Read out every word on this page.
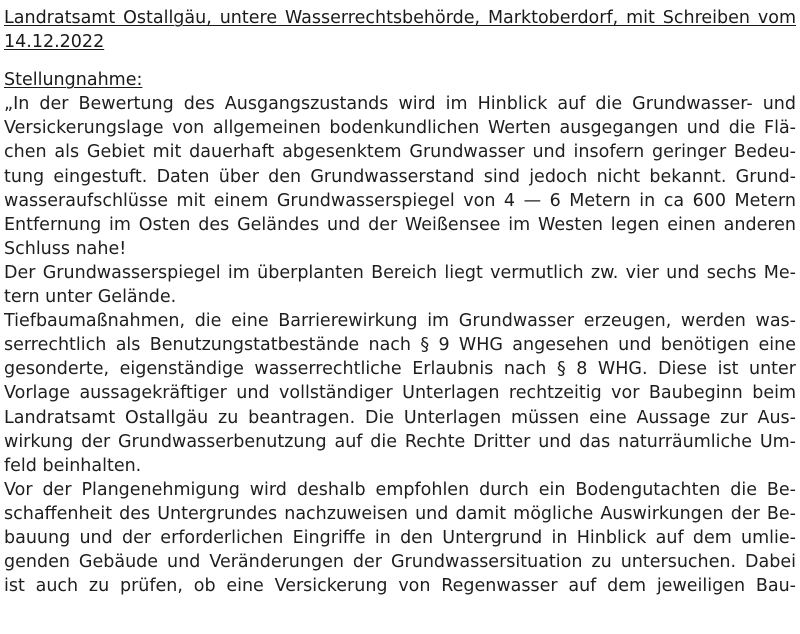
Landratsamt Ostallgäu, untere Wasserrechtsbehörde, Marktoberdorf, mit Schreiben vom
14.12.2022
Stellungnahme:
„In der Bewertung des Ausgangszustands wird im Hinblick auf die Grundwasser- und
Versickerungslage von allgemeinen bodenkundlichen Werten ausgegangen und die Flä-
chen als Gebiet mit dauerhaft abgesenktem Grundwasser und insofern geringer Bedeu-
tung eingestuft. Daten über den Grundwasserstand sind jedoch nicht bekannt. Grund-
wasseraufschlüsse mit einem Grundwasserspiegel von 4 — 6 Metern in ca 600 Metern
Entfernung im Osten des Geländes und der Weißensee im Westen legen einen anderen
Schluss nahe!
Der Grundwasserspiegel im überplanten Bereich liegt vermutlich zw. vier und sechs Me-
tern unter Gelände.
Tiefbaumaßnahmen, die eine Barrierewirkung im Grundwasser erzeugen, werden was-
serrechtlich als Benutzungstatbestände nach § 9 WHG angesehen und benötigen eine
gesonderte, eigenständige wasserrechtliche Erlaubnis nach § 8 WHG. Diese ist unter
Vorlage aussagekräftiger und vollständiger Unterlagen rechtzeitig vor Baubeginn beim
Landratsamt Ostallgäu zu beantragen. Die Unterlagen müssen eine Aussage zur Aus-
wirkung der Grundwasserbenutzung auf die Rechte Dritter und das naturräumliche Um-
feld beinhalten.
Vor der Plangenehmigung wird deshalb empfohlen durch ein Bodengutachten die Be-
schaffenheit des Untergrundes nachzuweisen und damit mögliche Auswirkungen der Be-
bauung und der erforderlichen Eingriffe in den Untergrund in Hinblick auf dem umlie-
genden Gebäude und Veränderungen der Grundwassersituation zu untersuchen. Dabei
ist auch zu prüfen, ob eine Versickerung von Regenwasser auf dem jeweiligen Bau-
